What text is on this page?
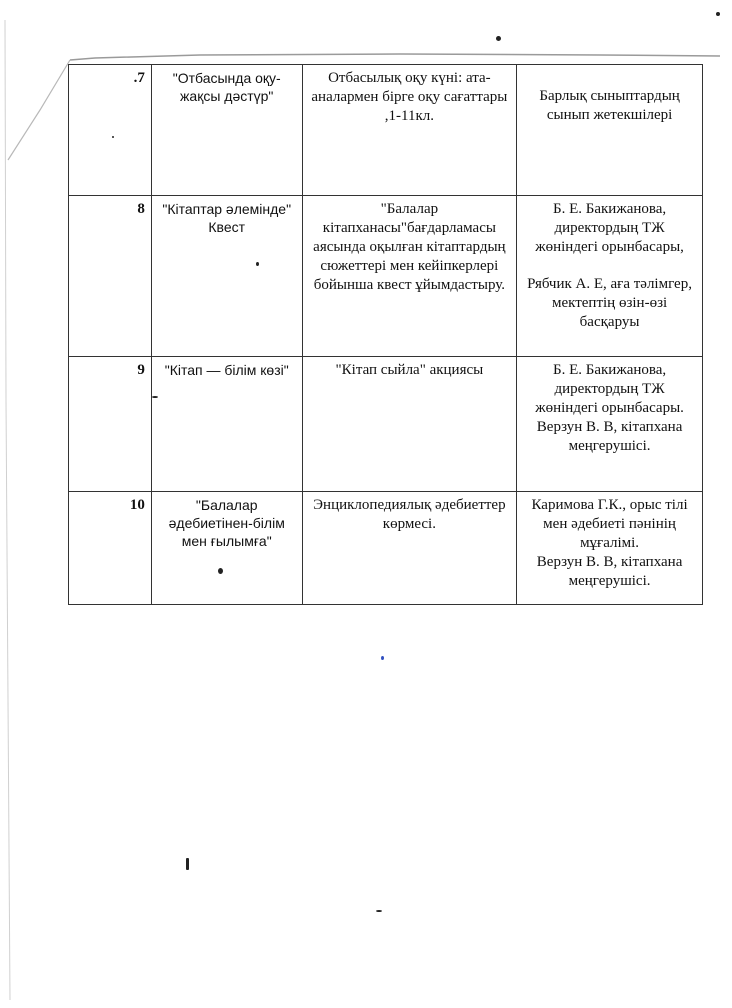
.7	"Отбасында оқу-жақсы дәстүр"	Отбасылық оқу күні: ата-аналармен бірге оқу сағаттары ,1-11кл.	Барлық сыныптардың сынып жетекшілері
8	"Кітаптар әлемінде" Квест	"Балалар кітапханасы"бағдарламасы аясында оқылған кітаптардың сюжеттері мен кейіпкерлері бойынша квест ұйымдастыру.	Б. Е. Бакижанова, директордың ТЖ жөніндегі орынбасары,
Рябчик А. Е, аға тәлімгер, мектептің өзін-өзі басқаруы
9	"Кітап — білім көзі"	"Кітап сыйла" акциясы	Б. Е. Бакижанова, директордың ТЖ жөніндегі орынбасары.
Верзун В. В, кітапхана меңгерушісі.
10	"Балалар әдебиетінен-білім мен ғылымға"	Энциклопедиялық әдебиеттер көрмесі.	Каримова Г.К., орыс тілі мен әдебиеті пәнінің мұғалімі.
Верзун В. В, кітапхана меңгерушісі.
